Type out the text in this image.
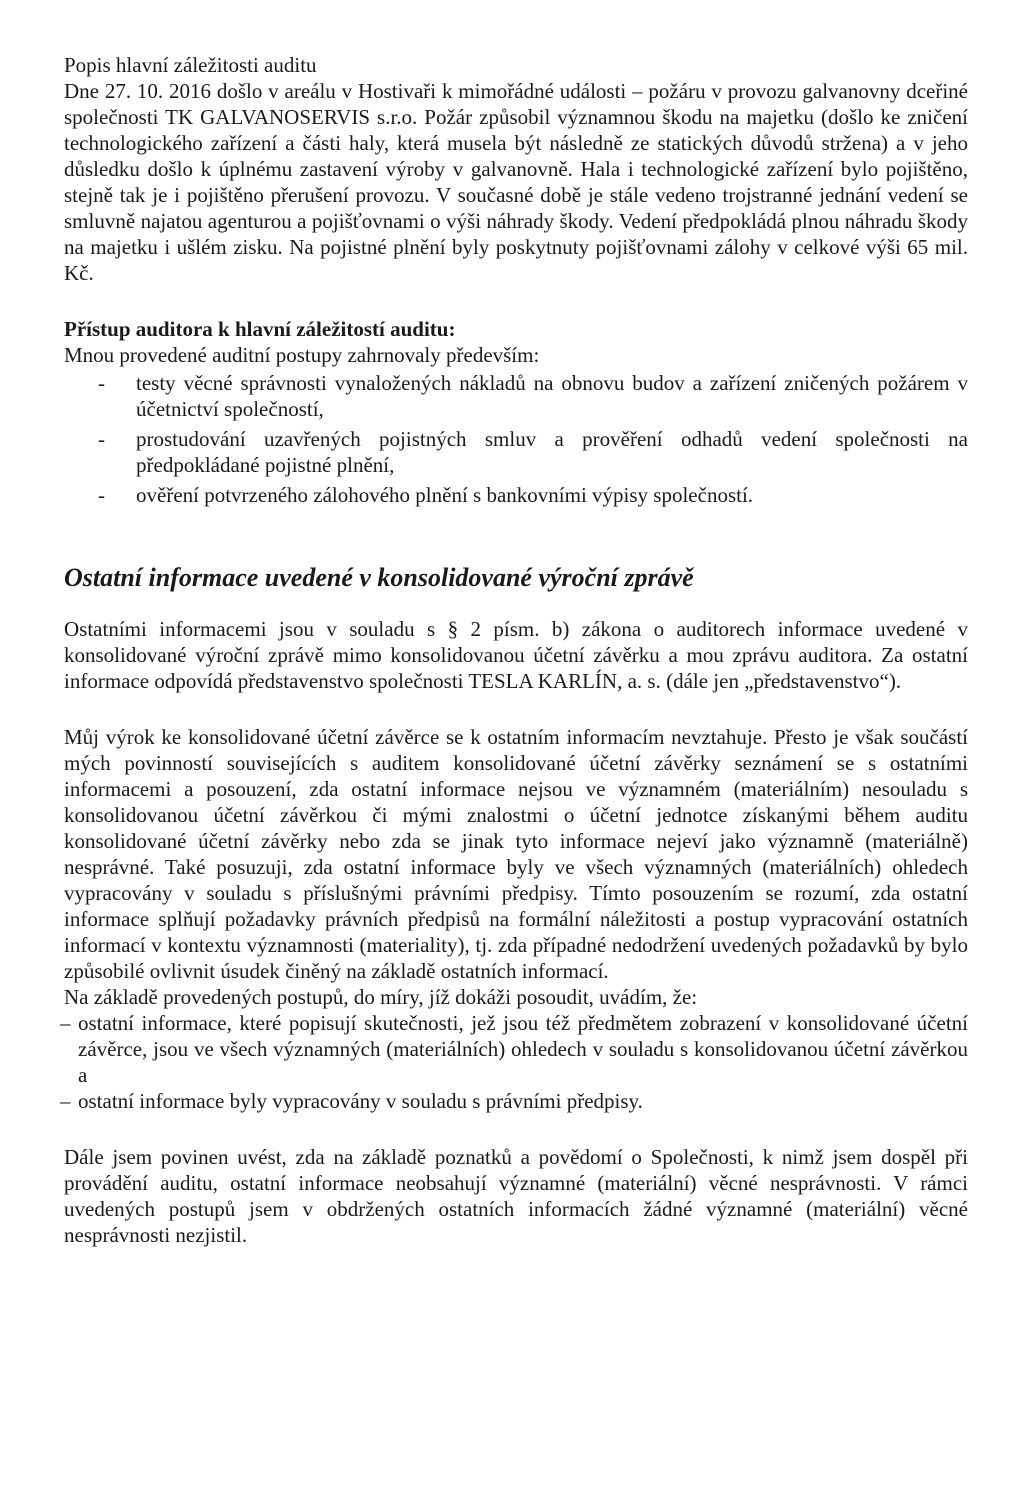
Popis hlavní záležitosti auditu

Dne 27. 10. 2016 došlo v areálu v Hostivaři k mimořádné události – požáru v provozu galvanovny dceřiné společnosti TK GALVANOSERVIS s.r.o. Požár způsobil významnou škodu na majetku (došlo ke zničení technologického zařízení a části haly, která musela být následně ze statických důvodů stržena) a v jeho důsledku došlo k úplnému zastavení výroby v galvanovně. Hala i technologické zařízení bylo pojištěno, stejně tak je i pojištěno přerušení provozu. V současné době je stále vedeno trojstranné jednání vedení se smluvně najatou agenturou a pojišťovnami o výši náhrady škody. Vedení předpokládá plnou náhradu škody na majetku i ušlém zisku. Na pojistné plnění byly poskytnuty pojišťovnami zálohy v celkové výši 65 mil. Kč.

Přístup auditora k hlavní záležitostí auditu:

Mnou provedené auditní postupy zahrnovaly především:

- testy věcné správnosti vynaložených nákladů na obnovu budov a zařízení zničených požárem v účetnictví společností,
- prostudování uzavřených pojistných smluv a prověření odhadů vedení společnosti na předpokládané pojistné plnění,
- ověření potvrzeného zálohového plnění s bankovními výpisy společností.

Ostatní informace uvedené v konsolidované výroční zprávě

Ostatními informacemi jsou v souladu s § 2 písm. b) zákona o auditorech informace uvedené v konsolidované výroční zprávě mimo konsolidovanou účetní závěrku a mou zprávu auditora. Za ostatní informace odpovídá představenstvo společnosti TESLA KARLÍN, a. s. (dále jen „představenstvo“).

Můj výrok ke konsolidované účetní závěrce se k ostatním informacím nevztahuje. Přesto je však součástí mých povinností souvisejících s auditem konsolidované účetní závěrky seznámení se s ostatními informacemi a posouzení, zda ostatní informace nejsou ve významném (materiálním) nesouladu s konsolidovanou účetní závěrkou či mými znalostmi o účetní jednotce získanými během auditu konsolidované účetní závěrky nebo zda se jinak tyto informace nejeví jako významně (materiálně) nesprávné. Také posuzuji, zda ostatní informace byly ve všech významných (materiálních) ohledech vypracovány v souladu s příslušnými právními předpisy. Tímto posouzením se rozumí, zda ostatní informace splňují požadavky právních předpisů na formální náležitosti a postup vypracování ostatních informací v kontextu významnosti (materiality), tj. zda případné nedodržení uvedených požadavků by bylo způsobilé ovlivnit úsudek činěný na základě ostatních informací.

Na základě provedených postupů, do míry, jíž dokáži posoudit, uvádím, že:

– ostatní informace, které popisují skutečnosti, jež jsou též předmětem zobrazení v konsolidované účetní závěrce, jsou ve všech významných (materiálních) ohledech v souladu s konsolidovanou účetní závěrkou a
– ostatní informace byly vypracovány v souladu s právními předpisy.

Dále jsem povinen uvést, zda na základě poznatků a povědomí o Společnosti, k nimž jsem dospěl při provádění auditu, ostatní informace neobsahují významné (materiální) věcné nesprávnosti. V rámci uvedených postupů jsem v obdržených ostatních informacích žádné významné (materiální) věcné nesprávnosti nezjistil.
